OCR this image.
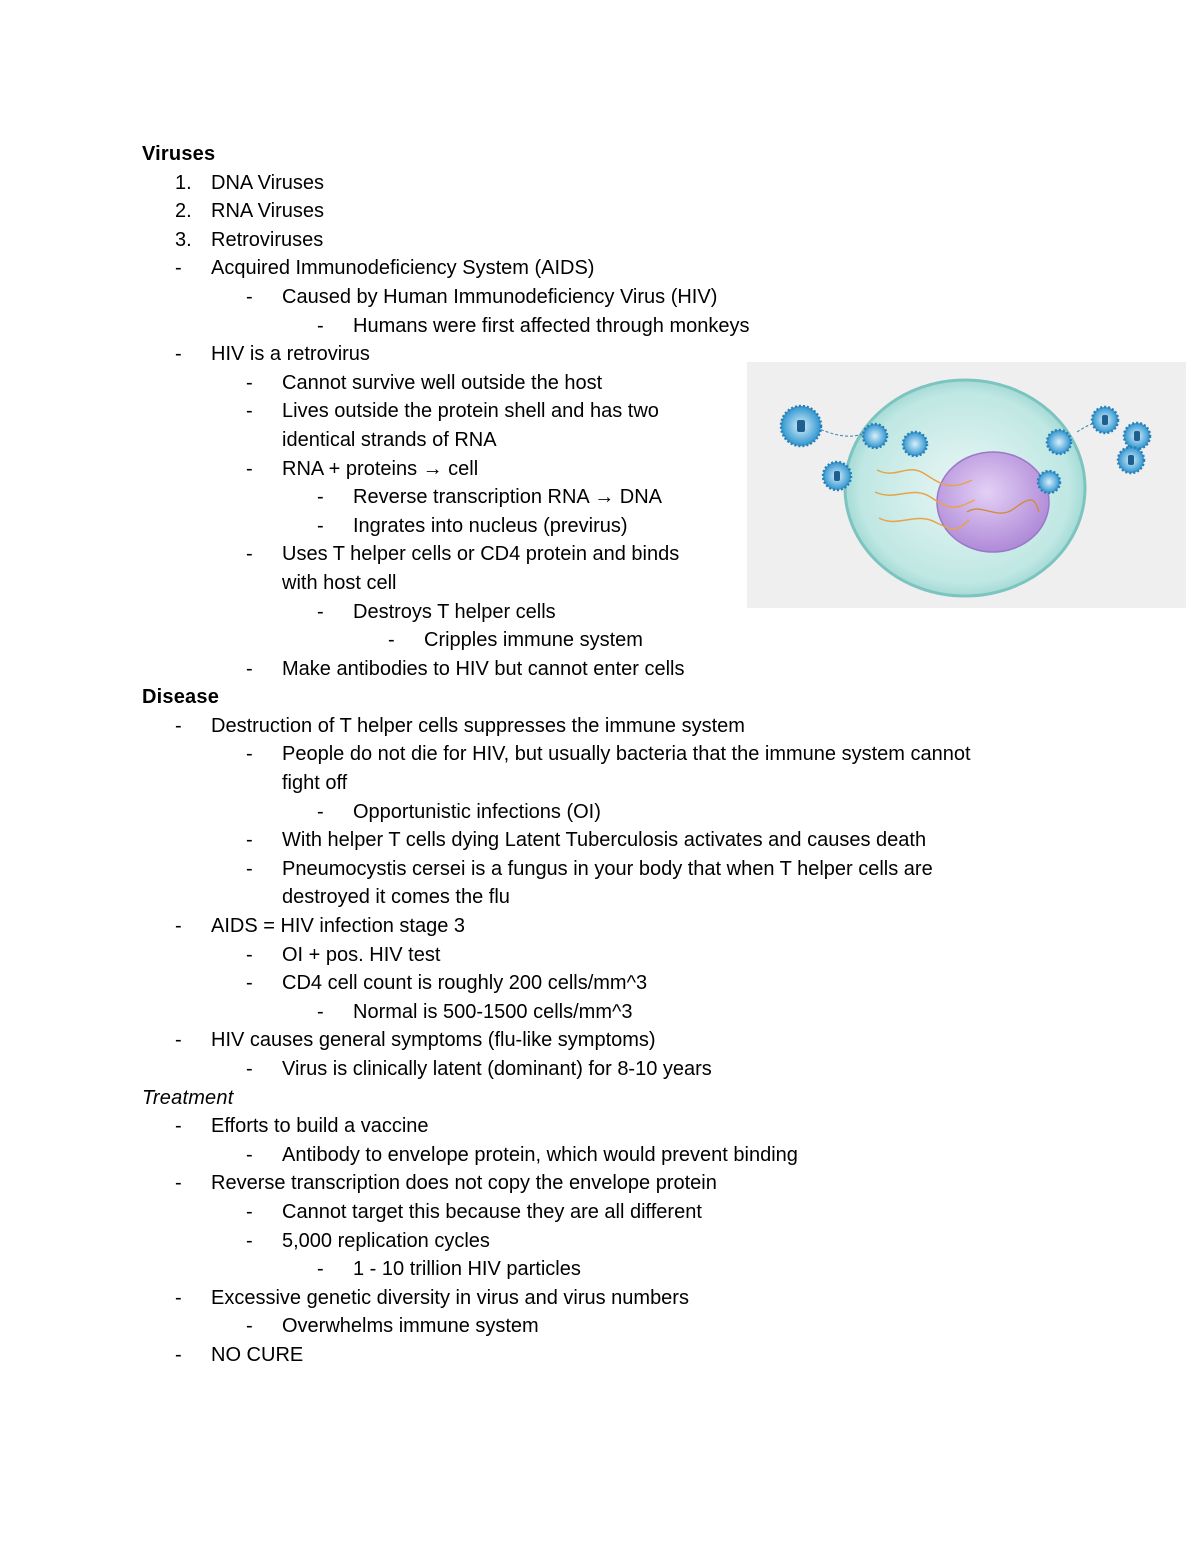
Viruses
1. DNA Viruses
2. RNA Viruses
3. Retroviruses
- Acquired Immunodeficiency System (AIDS)
- Caused by Human Immunodeficiency Virus (HIV)
- Humans were first affected through monkeys
- HIV is a retrovirus
- Cannot survive well outside the host
- Lives outside the protein shell and has two
identical strands of RNA
- RNA + proteins → cell
- Reverse transcription RNA → DNA
- Ingrates into nucleus (previrus)
- Uses T helper cells or CD4 protein and binds
with host cell
- Destroys T helper cells
- Cripples immune system
- Make antibodies to HIV but cannot enter cells
Disease
- Destruction of T helper cells suppresses the immune system
- People do not die for HIV, but usually bacteria that the immune system cannot
fight off
- Opportunistic infections (OI)
- With helper T cells dying Latent Tuberculosis activates and causes death
- Pneumocystis cersei is a fungus in your body that when T helper cells are
destroyed it comes the flu
- AIDS = HIV infection stage 3
- OI + pos. HIV test
- CD4 cell count is roughly 200 cells/mm^3
- Normal is 500-1500 cells/mm^3
- HIV causes general symptoms (flu-like symptoms)
- Virus is clinically latent (dominant) for 8-10 years
Treatment
- Efforts to build a vaccine
- Antibody to envelope protein, which would prevent binding
- Reverse transcription does not copy the envelope protein
- Cannot target this because they are all different
- 5,000 replication cycles
- 1 - 10 trillion HIV particles
- Excessive genetic diversity in virus and virus numbers
- Overwhelms immune system
- NO CURE
